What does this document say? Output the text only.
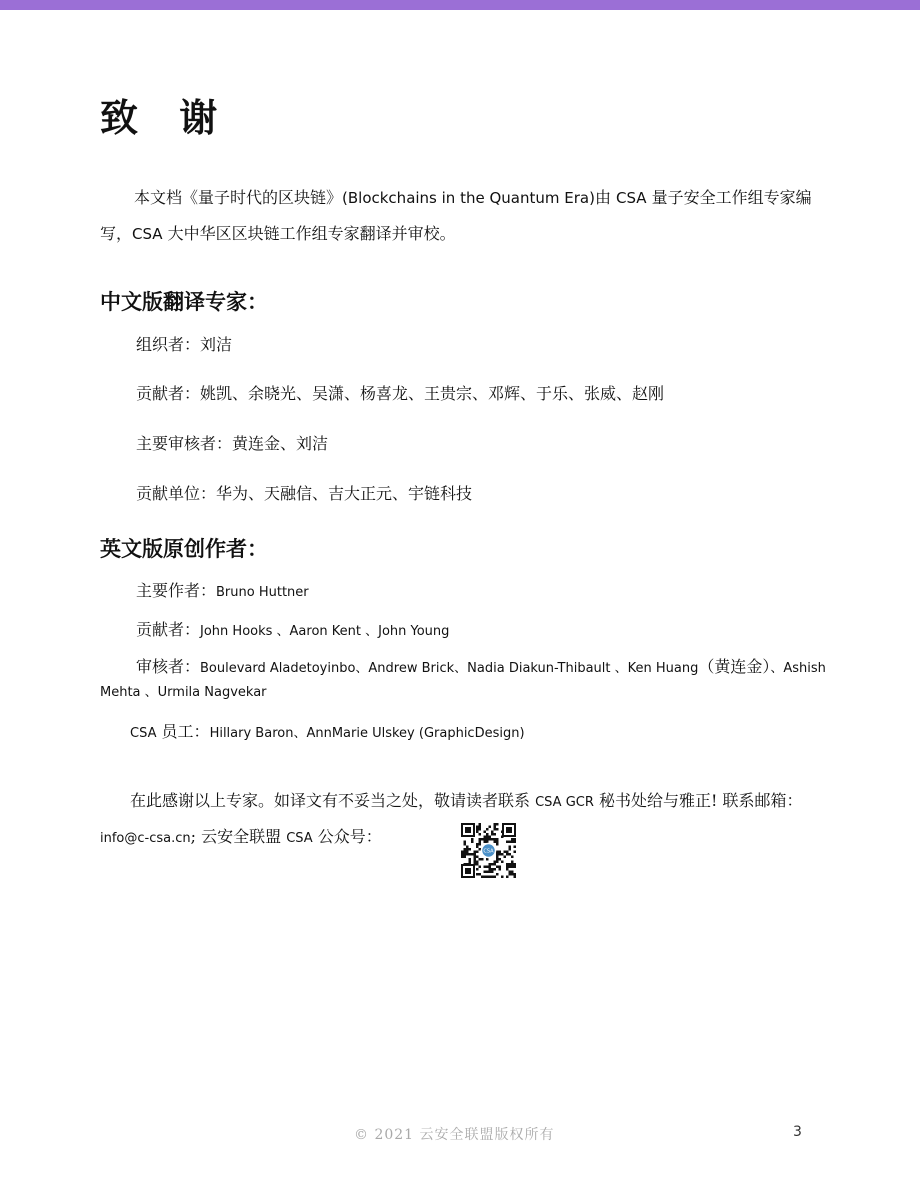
致 谢

本文档《量子时代的区块链》(Blockchains in the Quantum Era)由 CSA 量子安全工作组专家编写，CSA 大中华区区块链工作组专家翻译并审校。

中文版翻译专家：

组织者：刘洁

贡献者：姚凯、余晓光、吴潇、杨喜龙、王贵宗、邓辉、于乐、张威、赵刚

主要审核者：黄连金、刘洁

贡献单位：华为、天融信、吉大正元、宇链科技

英文版原创作者：

主要作者：Bruno Huttner

贡献者：John Hooks 、Aaron Kent 、John Young

审核者：Boulevard Aladetoyinbo、Andrew Brick、Nadia Diakun-Thibault 、Ken Huang（黄连金）、Ashish Mehta 、Urmila Nagvekar

CSA 员工：Hillary Baron、AnnMarie Ulskey (GraphicDesign)

在此感谢以上专家。如译文有不妥当之处，敬请读者联系 CSA GCR 秘书处给与雅正! 联系邮箱：info@c-csa.cn; 云安全联盟 CSA 公众号：

CSA

© 2021 云安全联盟版权所有	3
